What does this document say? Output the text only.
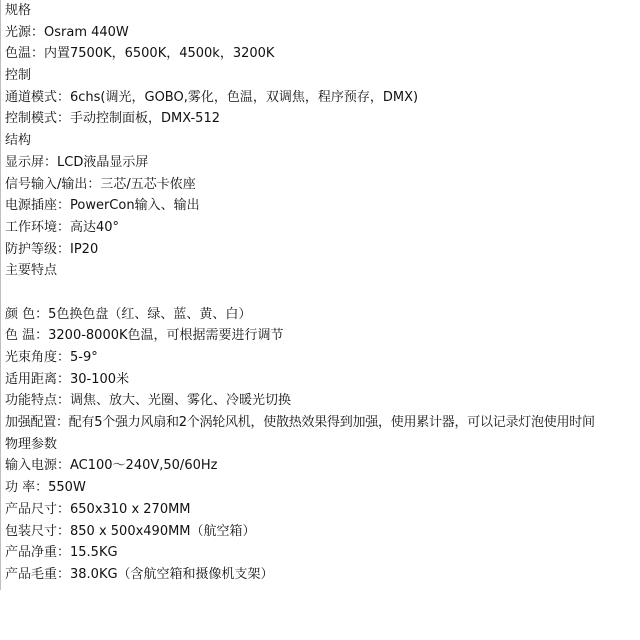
规格
光源：Osram 440W
色温：内置7500K，6500K，4500k，3200K
控制
通道模式：6chs(调光，GOBO,雾化，色温，双调焦，程序预存，DMX)
控制模式：手动控制面板，DMX-512
结构
显示屏：LCD液晶显示屏
信号输入/输出：三芯/五芯卡侬座
电源插座：PowerCon输入、输出
工作环境：高达40°
防护等级：IP20
主要特点
颜 色：5色换色盘（红、绿、蓝、黄、白）
色 温：3200-8000K色温，可根据需要进行调节
光束角度：5-9°
适用距离：30-100米
功能特点：调焦、放大、光圈、雾化、冷暖光切换
加强配置：配有5个强力风扇和2个涡轮风机，使散热效果得到加强，使用累计器，可以记录灯泡使用时间
物理参数
输入电源：AC100～240V,50/60Hz
功 率：550W
产品尺寸：650x310 x 270MM
包装尺寸：850 x 500x490MM（航空箱）
产品净重：15.5KG
产品毛重：38.0KG（含航空箱和摄像机支架）
